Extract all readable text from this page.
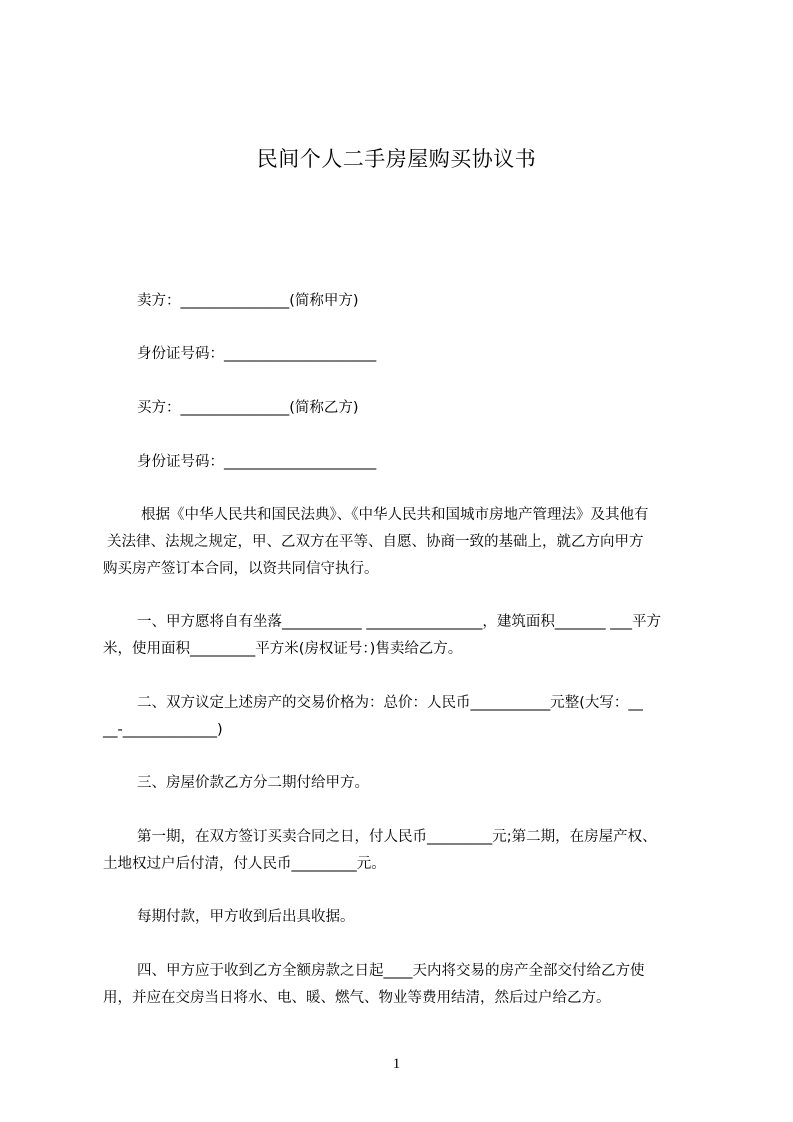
民间个人二手房屋购买协议书

卖方：_______________(简称甲方)

身份证号码：_____________________

买方：_______________(简称乙方)

身份证号码：_____________________

根据《中华人民共和国民法典》、《中华人民共和国城市房地产管理法》及其他有

关法律、法规之规定，甲、乙双方在平等、自愿、协商一致的基础上，就乙方向甲方

购买房产签订本合同，以资共同信守执行。

一、甲方愿将自有坐落___________ ________________，建筑面积_______ ___平方

米，使用面积_________平方米(房权证号：)售卖给乙方。

二、双方议定上述房产的交易价格为：总价：人民币___________元整(大写：__

__-_____________)

三、房屋价款乙方分二期付给甲方。

第一期，在双方签订买卖合同之日，付人民币_________元;第二期，在房屋产权、

土地权过户后付清，付人民币_________元。

每期付款，甲方收到后出具收据。

四、甲方应于收到乙方全额房款之日起____天内将交易的房产全部交付给乙方使

用，并应在交房当日将水、电、暖、燃气、物业等费用结清，然后过户给乙方。

1
